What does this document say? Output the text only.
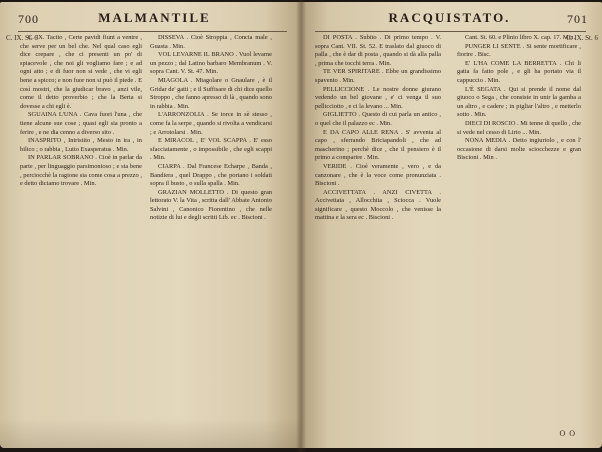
700	MALMANTILE
C. IX. St. 6

C. IX. Tacito , Certe pavidi fiunt a ventre , che serve per un bel che. Nel qual caso egli dice crepare , che ci presenti un po' di spiacevole , che noi gli vogliamo fare ; e ad ogni atto ; e di fuor non si vede , che vi egli bene a spicco; e non fuor non si può il piede . E così mostri, che la giudicar bravo , anzi vile, come il detto proverbio ; che la Berta si dovesse a chi egli è.

SGUAINA L'UNA . Cava fuori l'una , che tiene alcune sue cose ; quasi egli sia pronto a ferire , e ne dia cenno a diverso sito .

INASPRITO , Intristito , Mesto in ira , in bilico ; o rabbia , Lutto Exasperatus . Min.

IN PARLAR SOBRANO . Cioè in parlar da parte , per linguaggio parsimonioso ; e sta bene , perciocchè la ragione sia come cosa a prezzo , e detto diciamo trovare . Min.

DISSEVA . Cioè Stroppia , Concia male , Guasta . Min.

VOL LEVARNE IL BRANO . Vuol levarne un pezzo ; dal Latino barbaro Membranum . V. sopra Cant. V. St. 47. Min.

MIAGOLA . Miagolare o Gnaulare , è il Gridar de' gatti ; e il Suffisare di chi dice quello Stroppo , che fanno apresso di là , quando sono in rabbia . Min.

L'ARRONZOLIA . Se torce in sè stesso , come fa la serpe , quando si rivolta a vendicarsi ; e Arrotolarsi . Min.

E MIRACOL , E' VOL SCAPPA . E' esso sfacciatamente , o impossibile , che egli scappi . Min.

CIARPA . Dal Francese Echarpe , Banda , Bandiera , quel Drappo , che portano i soldati sopra il busto , o sulla spalla . Min.

GRAZIAN MOLLETTO . Di questo gran lettorato V. la Vita , scritta dall' Abbate Antonio Salvini , Canonico Fiorentino , che nelle notizie di lui e degli scritti Lib. ec . Biscioni .

RACQUISTATO.	701
C. IX. St. 6

DI POSTA . Subito . Di primo tempo . V. sopra Cant. VII. St. 52. E traslato dal giuoco di palla , che è dar di posta , quando si dà alla palla , prima che tocchi terra . Min.

TE VER SPIRITARE . Ebbe un grandissimo spavento . Min.

PELLICCIONE . Le nostre donne giurano vedendo un bel giovane , e' ci venga il suo pellicciotto , e ci la levano ... Min.

GIGLIETTO . Questo di cui parla un antico , o quel che il palazzo ec . Min.

E DA CAPO ALLE RENA . S' avventa al capo , sferrando Briciapandoli , che ad mascherino ; perchè dice , che il pensiero è il primo a comparire . Min.

VERIDE . Cioè veramente , vero , e da canzonare , che è la voce come pronunziata . Biscioni .

ACCIVETTATA . ANZI CIVETTA . Accivettata , Allocchita , Sciocca . Vuole significare , questo Moccolo , che venisse la mattina e la sera ec . Biscioni .

Cant. St. 60. e Plinio libro X. cap. 17. Min.

PUNGER LI SENTE . Si sente mortificare , fiorire . Bisc.

E' L'HA COME LA BERRETTA . Chi li gatta fa fatto pole , e gli ha portato via il cappuccio . Min.

L'È SEGATA . Qui si prende il nome dal giuoco o Sega , che consiste in unir la gamba a un altro , e cadere ; in pigliar l'altro , e metterlo sotto . Min.

DIECI DI ROSCIO . Mi tenne di quello , che si vede nel cesso di Lirio ... Min.

NONA MEDIA . Detto ingiuriolo , e con l' occasione di darsi molte sciocchezze e gran Biscioni . Min .

O O
